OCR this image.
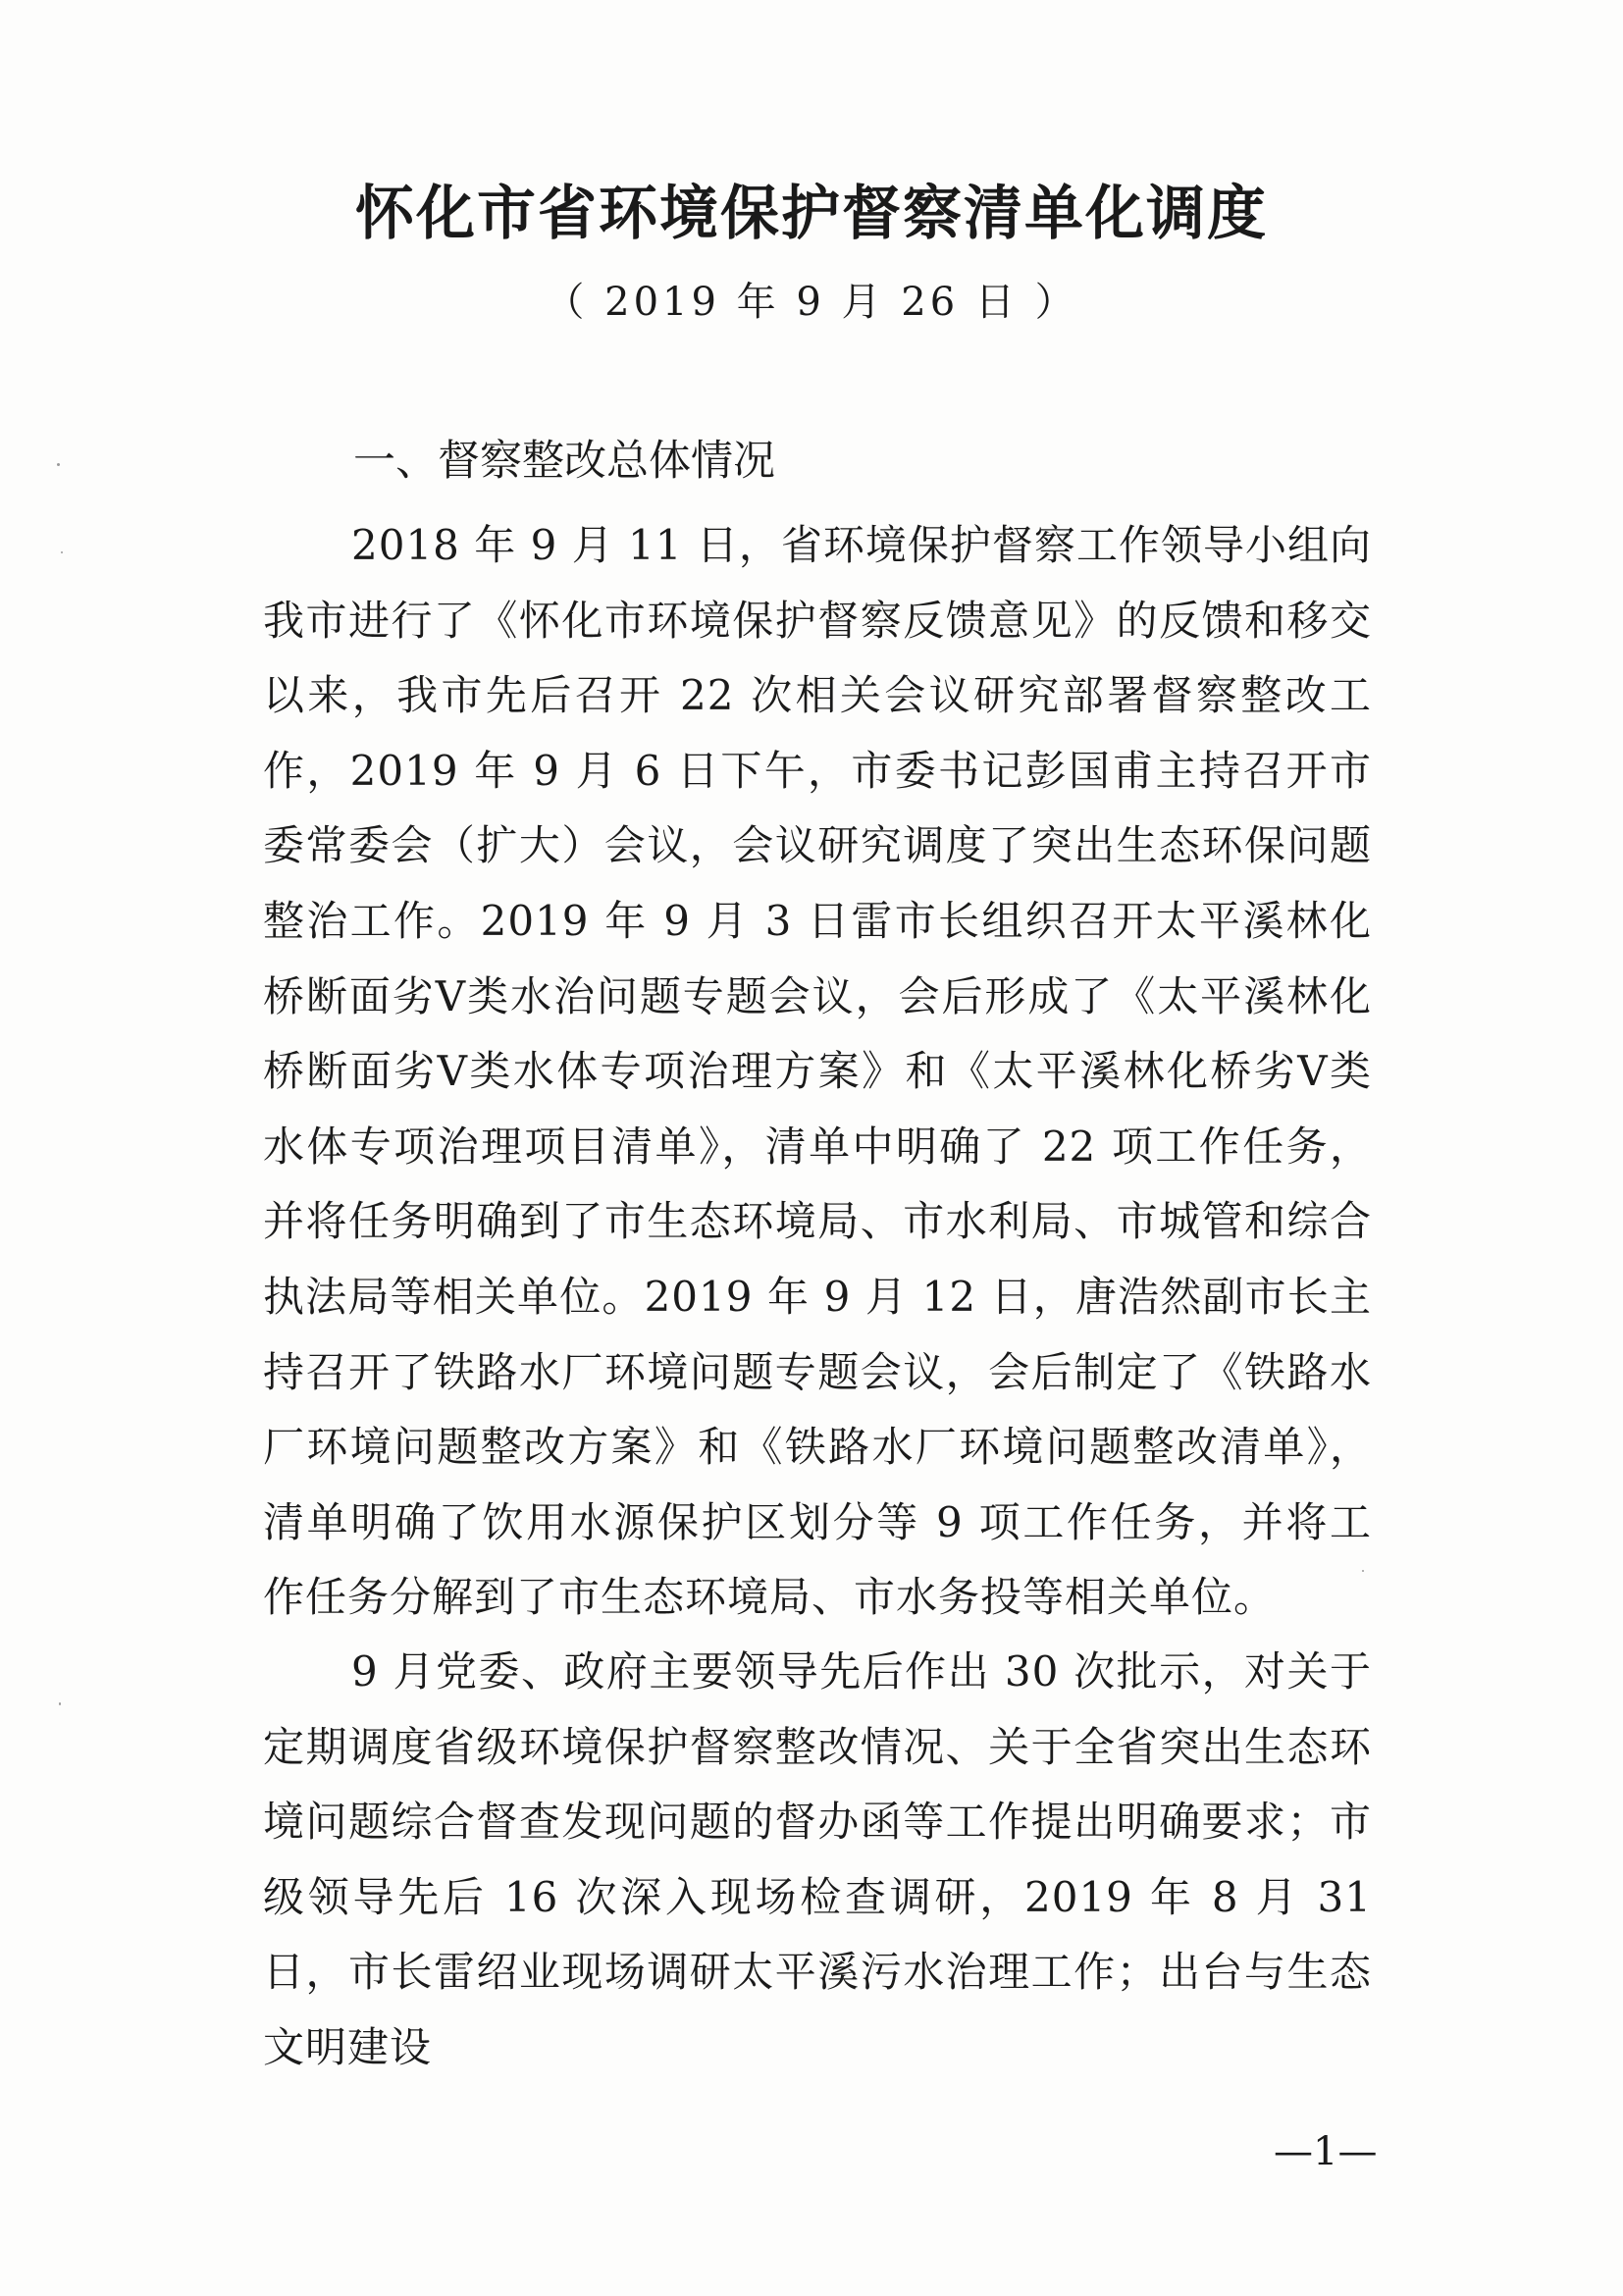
怀化市省环境保护督察清单化调度
（ 2019 年 9 月 26 日 ）
一、督察整改总体情况

2018 年 9 月 11 日，省环境保护督察工作领导小组向我市进行了《怀化市环境保护督察反馈意见》的反馈和移交以来，我市先后召开 22 次相关会议研究部署督察整改工作，2019 年 9 月 6 日下午，市委书记彭国甫主持召开市委常委会（扩大）会议，会议研究调度了突出生态环保问题整治工作。2019 年 9 月 3 日雷市长组织召开太平溪林化桥断面劣Ⅴ类水治问题专题会议，会后形成了《太平溪林化桥断面劣Ⅴ类水体专项治理方案》和《太平溪林化桥劣Ⅴ类水体专项治理项目清单》，清单中明确了 22 项工作任务，并将任务明确到了市生态环境局、市水利局、市城管和综合执法局等相关单位。2019 年 9 月 12 日，唐浩然副市长主持召开了铁路水厂环境问题专题会议，会后制定了《铁路水厂环境问题整改方案》和《铁路水厂环境问题整改清单》，清单明确了饮用水源保护区划分等 9 项工作任务，并将工作任务分解到了市生态环境局、市水务投等相关单位。

9 月党委、政府主要领导先后作出 30 次批示，对关于定期调度省级环境保护督察整改情况、关于全省突出生态环境问题综合督查发现问题的督办函等工作提出明确要求；市级领导先后 16 次深入现场检查调研，2019 年 8 月 31 日，市长雷绍业现场调研太平溪污水治理工作；出台与生态文明建设

—1—
